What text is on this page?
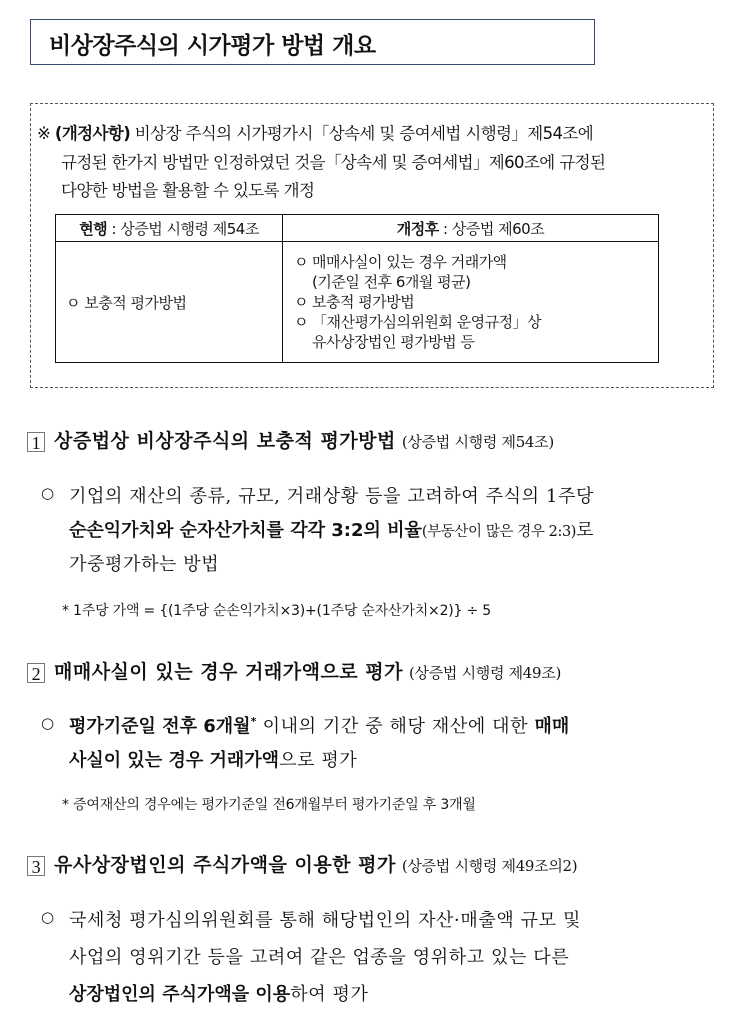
비상장주식의 시가평가 방법 개요
※ (개정사항) 비상장 주식의 시가평가시「상속세 및 증여세법 시행령」제54조에
규정된 한가지 방법만 인정하였던 것을「상속세 및 증여세법」제60조에 규정된
다양한 방법을 활용할 수 있도록 개정
현행 : 상증법 시행령 제54조	개정후 : 상증법 제60조
ㅇ 보충적 평가방법	ㅇ 매매사실이 있는 경우 거래가액
(기준일 전후 6개월 평균)
ㅇ 보충적 평가방법
ㅇ 「재산평가심의위원회 운영규정」상
유사상장법인 평가방법 등
1 상증법상 비상장주식의 보충적 평가방법 (상증법 시행령 제54조)
○ 기업의 재산의 종류, 규모, 거래상황 등을 고려하여 주식의 1주당
순손익가치와 순자산가치를 각각 3:2의 비율(부동산이 많은 경우 2:3)로
가중평가하는 방법
* 1주당 가액 = {(1주당 순손익가치×3)+(1주당 순자산가치×2)} ÷ 5
2 매매사실이 있는 경우 거래가액으로 평가 (상증법 시행령 제49조)
○ 평가기준일 전후 6개월* 이내의 기간 중 해당 재산에 대한 매매
사실이 있는 경우 거래가액으로 평가
* 증여재산의 경우에는 평가기준일 전6개월부터 평가기준일 후 3개월
3 유사상장법인의 주식가액을 이용한 평가 (상증법 시행령 제49조의2)
○ 국세청 평가심의위원회를 통해 해당법인의 자산·매출액 규모 및
사업의 영위기간 등을 고려여 같은 업종을 영위하고 있는 다른
상장법인의 주식가액을 이용하여 평가
